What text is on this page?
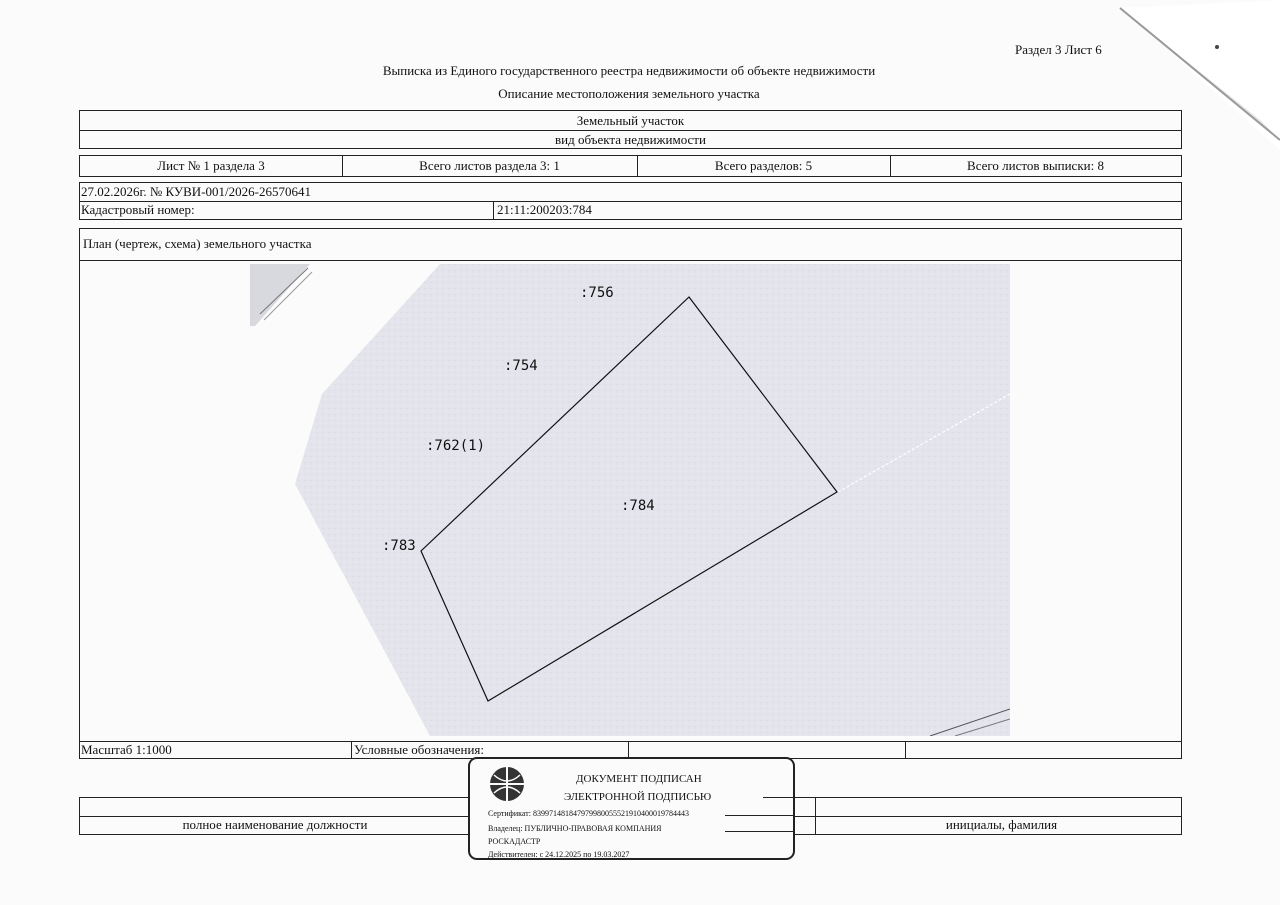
Раздел 3 Лист 6
Выписка из Единого государственного реестра недвижимости об объекте недвижимости
Описание местоположения земельного участка
Земельный участок
вид объекта недвижимости
Лист № 1 раздела 3	Всего листов раздела 3: 1	Всего разделов: 5	Всего листов выписки: 8
27.02.2026г. № КУВИ-001/2026-26570641
Кадастровый номер:	21:11:200203:784
План (чертеж, схема) земельного участка
Масштаб 1:1000	Условные обозначения:
:756
:754
:762(1)
:784
:783
полное наименование должности	инициалы, фамилия
ДОКУМЕНТ ПОДПИСАН
ЭЛЕКТРОННОЙ ПОДПИСЬЮ
Сертификат: 839971481847979980055521910400019784443
Владелец: ПУБЛИЧНО-ПРАВОВАЯ КОМПАНИЯ
РОСКАДАСТР
Действителен: с 24.12.2025 по 19.03.2027
